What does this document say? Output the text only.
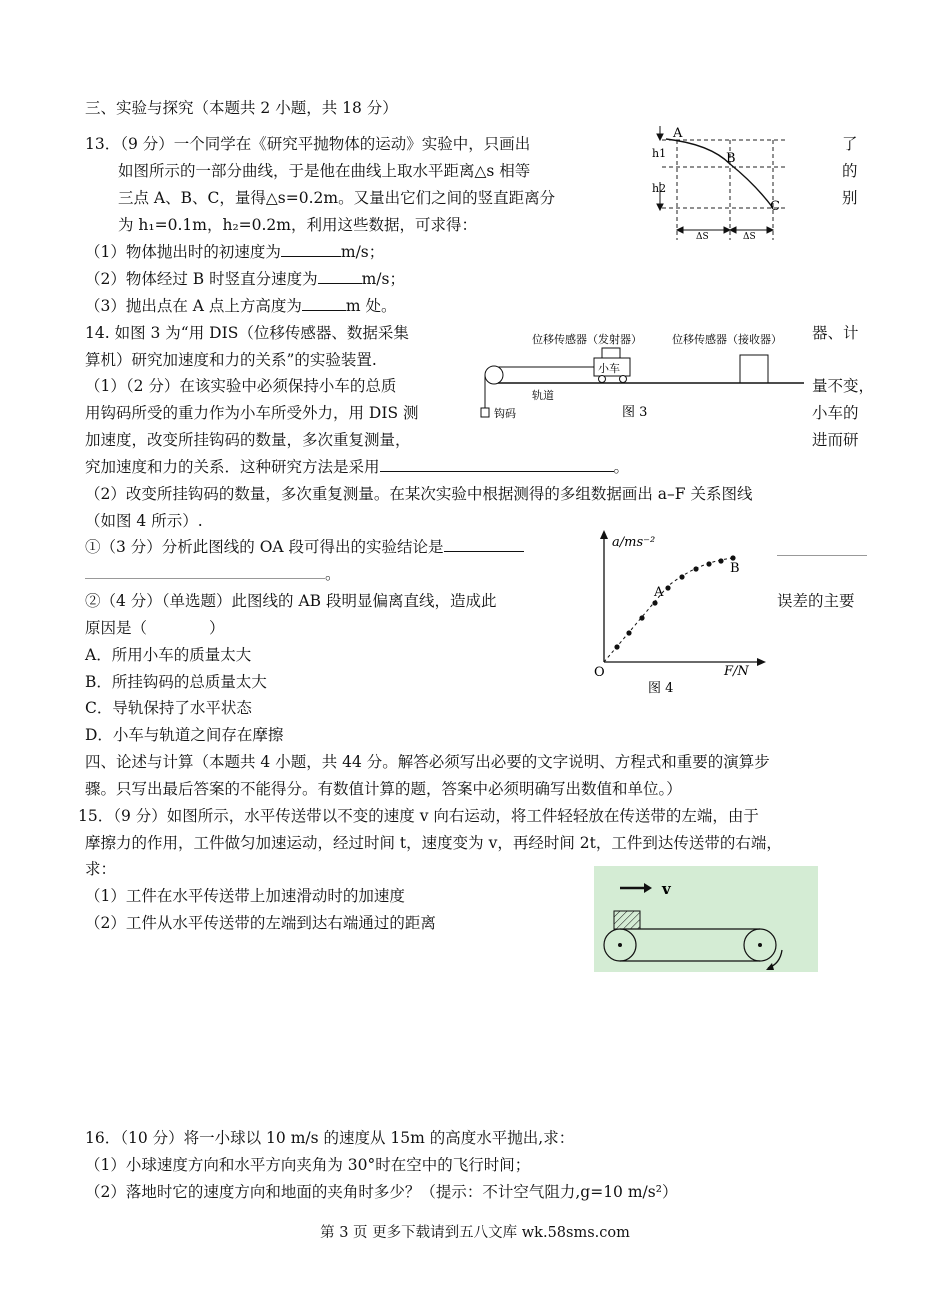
三、实验与探究（本题共 2 小题，共 18 分）
13．（9 分）一个同学在《研究平抛物体的运动》实验中，只画出	了
如图所示的一部分曲线，于是他在曲线上取水平距离△s 相等	的
三点 A、B、C，量得△s=0.2m。又量出它们之间的竖直距离分	别
为 h₁=0.1m，h₂=0.2m，利用这些数据，可求得：
（1）物体抛出时的初速度为	m/s；
（2）物体经过 B 时竖直分速度为	m/s；
（3）抛出点在 A 点上方高度为	m 处。
A
B
C
h1
h2
ΔS	ΔS
14. 如图 3 为“用 DIS（位移传感器、数据采集	器、计
算机）研究加速度和力的关系”的实验装置.
（1）（2 分）在该实验中必须保持小车的总质	量不变，
用钩码所受的重力作为小车所受外力，用 DIS 测	小车的
加速度，改变所挂钩码的数量，多次重复测量，	进而研
究加速度和力的关系．这种研究方法是采用	。
位移传感器（发射器）	位移传感器（接收器）
小车
钩码
轨道
图 3
（2）改变所挂钩码的数量，多次重复测量。在某次实验中根据测得的多组数据画出 a–F 关系图线
（如图 4 所示）.
①（3 分）分析此图线的 OA 段可得出的实验结论是
。
②（4 分）（单选题）此图线的 AB 段明显偏离直线，造成此	误差的主要
原因是（　　　　）
A．所用小车的质量太大
B．所挂钩码的总质量太大
C．导轨保持了水平状态
D．小车与轨道之间存在摩擦
a/ms⁻²
F/N
O
A
B
图 4
四、论述与计算（本题共 4 小题，共 44 分。解答必须写出必要的文字说明、方程式和重要的演算步
骤。只写出最后答案的不能得分。有数值计算的题，答案中必须明确写出数值和单位。）
15．（9 分）如图所示，水平传送带以不变的速度 v 向右运动，将工件轻轻放在传送带的左端，由于
摩擦力的作用，工件做匀加速运动，经过时间 t，速度变为 v，再经时间 2t，工件到达传送带的右端，
求：
（1）工件在水平传送带上加速滑动时的加速度
（2）工件从水平传送带的左端到达右端通过的距离
v
16．（10 分）将一小球以 10 m/s 的速度从 15m 的高度水平抛出,求：
（1）小球速度方向和水平方向夹角为 30°时在空中的飞行时间；
（2）落地时它的速度方向和地面的夹角时多少？（提示：不计空气阻力,g=10 m/s²）
第 3 页 更多下载请到五八文库 wk.58sms.com
